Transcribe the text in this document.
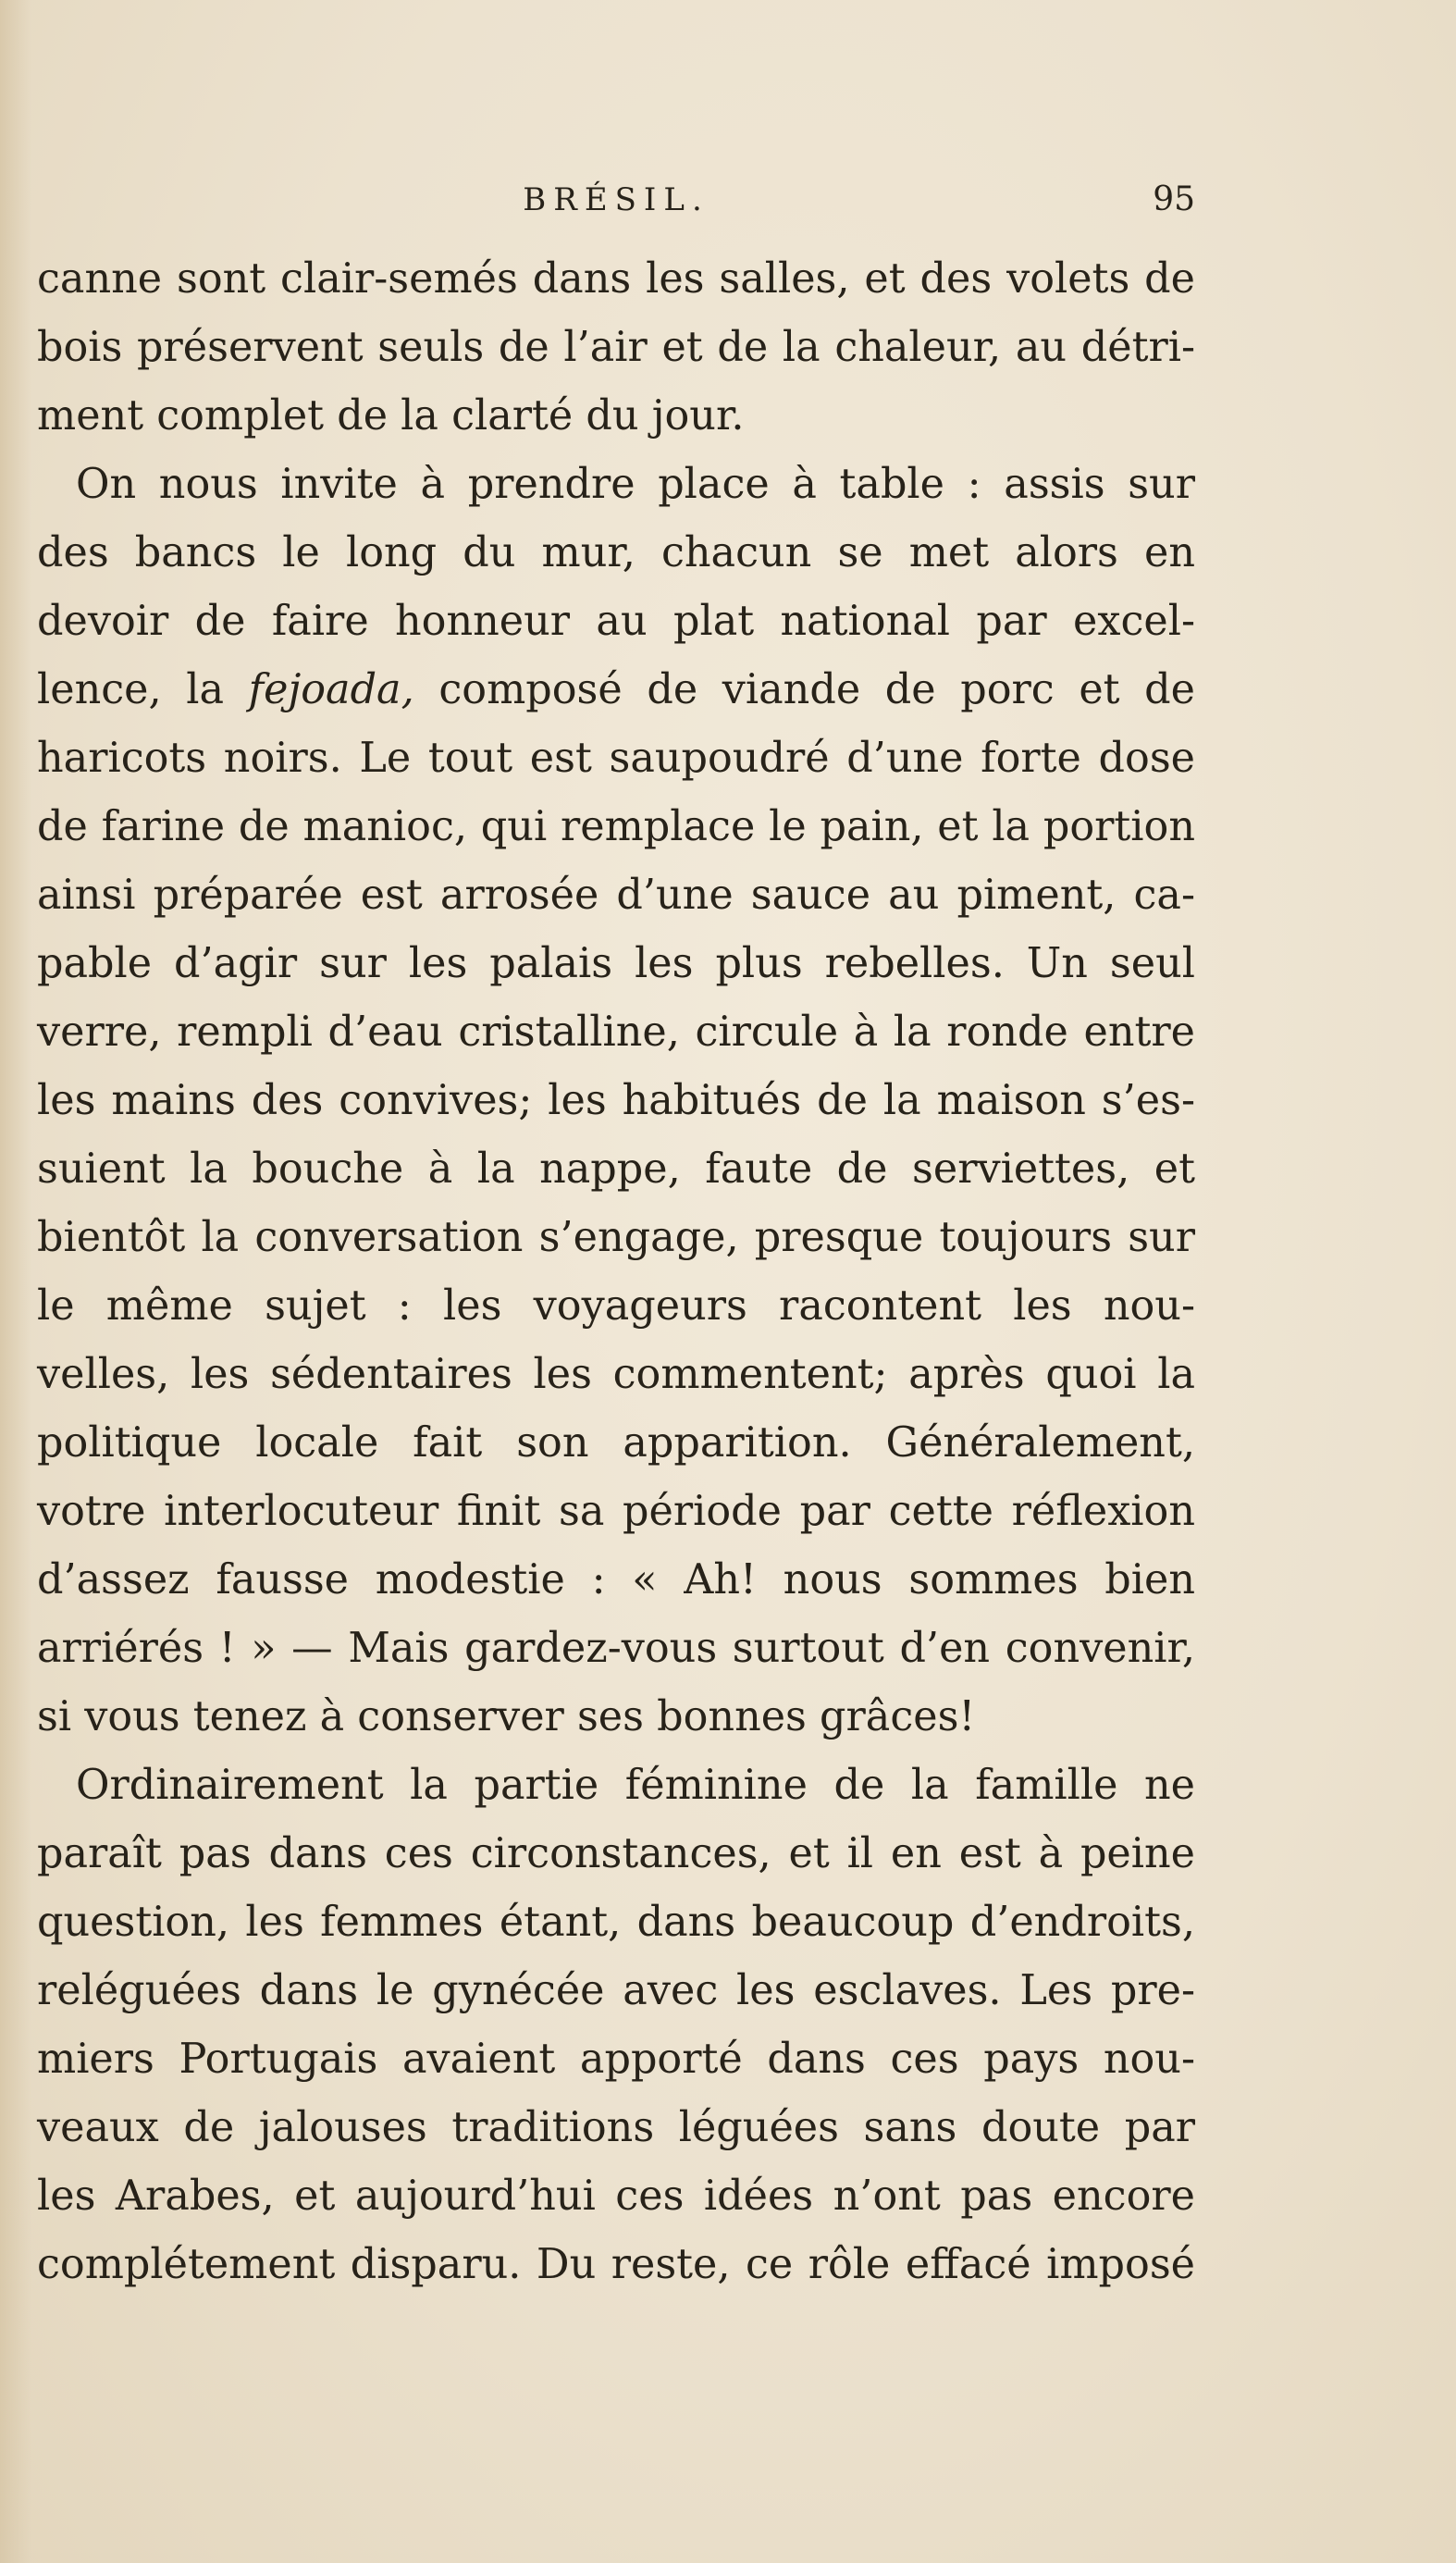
BRÉSIL.	95
canne sont clair-semés dans les salles, et des volets de
bois préservent seuls de l’air et de la chaleur, au détri-
ment complet de la clarté du jour.
On nous invite à prendre place à table : assis sur
des bancs le long du mur, chacun se met alors en
devoir de faire honneur au plat national par excel-
lence, la fejoada, composé de viande de porc et de
haricots noirs. Le tout est saupoudré d’une forte dose
de farine de manioc, qui remplace le pain, et la portion
ainsi préparée est arrosée d’une sauce au piment, ca-
pable d’agir sur les palais les plus rebelles. Un seul
verre, rempli d’eau cristalline, circule à la ronde entre
les mains des convives; les habitués de la maison s’es-
suient la bouche à la nappe, faute de serviettes, et
bientôt la conversation s’engage, presque toujours sur
le même sujet : les voyageurs racontent les nou-
velles, les sédentaires les commentent; après quoi la
politique locale fait son apparition. Généralement,
votre interlocuteur finit sa période par cette réflexion
d’assez fausse modestie : « Ah! nous sommes bien
arriérés ! » — Mais gardez-vous surtout d’en convenir,
si vous tenez à conserver ses bonnes grâces!
Ordinairement la partie féminine de la famille ne
paraît pas dans ces circonstances, et il en est à peine
question, les femmes étant, dans beaucoup d’endroits,
reléguées dans le gynécée avec les esclaves. Les pre-
miers Portugais avaient apporté dans ces pays nou-
veaux de jalouses traditions léguées sans doute par
les Arabes, et aujourd’hui ces idées n’ont pas encore
complétement disparu. Du reste, ce rôle effacé imposé
